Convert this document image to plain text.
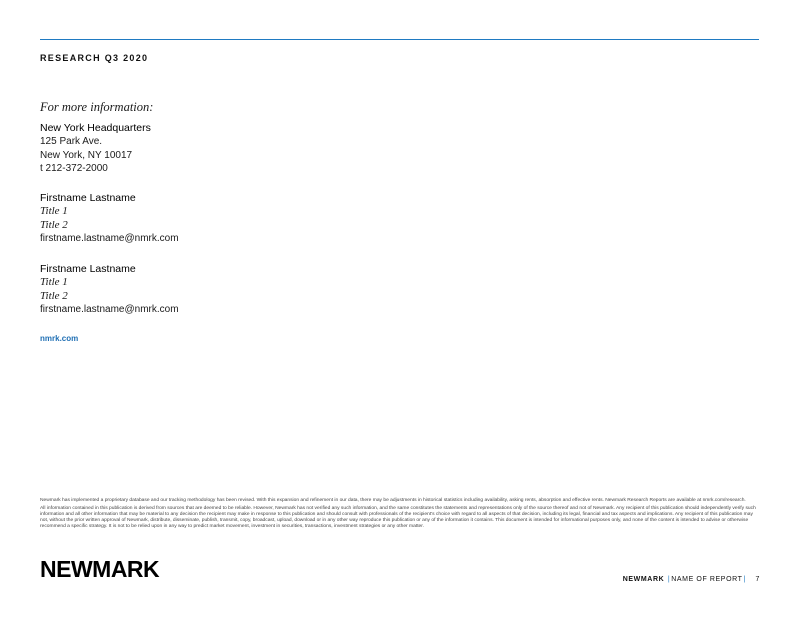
RESEARCH Q3 2020
For more information:
New York Headquarters
125 Park Ave.
New York, NY 10017
t 212-372-2000
Firstname Lastname
Title 1
Title 2
firstname.lastname@nmrk.com
Firstname Lastname
Title 1
Title 2
firstname.lastname@nmrk.com
nmrk.com

Newmark has implemented a proprietary database and our tracking methodology has been revised. With this expansion and refinement in our data, there may be adjustments in historical statistics including availability, asking rents, absorption and effective rents. Newmark Research Reports are available at nmrk.com/research.

All information contained in this publication is derived from sources that are deemed to be reliable. However, Newmark has not verified any such information, and the same constitutes the statements and representations only of the source thereof and not of Newmark. Any recipient of this publication should independently verify such information and all other information that may be material to any decision the recipient may make in response to this publication and should consult with professionals of the recipient's choice with regard to all aspects of that decision, including its legal, financial and tax aspects and implications. Any recipient of this publication may not, without the prior written approval of Newmark, distribute, disseminate, publish, transmit, copy, broadcast, upload, download or in any other way reproduce this publication or any of the information it contains. This document is intended for informational purposes only, and none of the content is intended to advise or otherwise recommend a specific strategy. It is not to be relied upon in any way to predict market movement, investment in securities, transactions, investment strategies or any other matter.

NEWMARK	NEWMARK |NAME OF REPORT| 7
